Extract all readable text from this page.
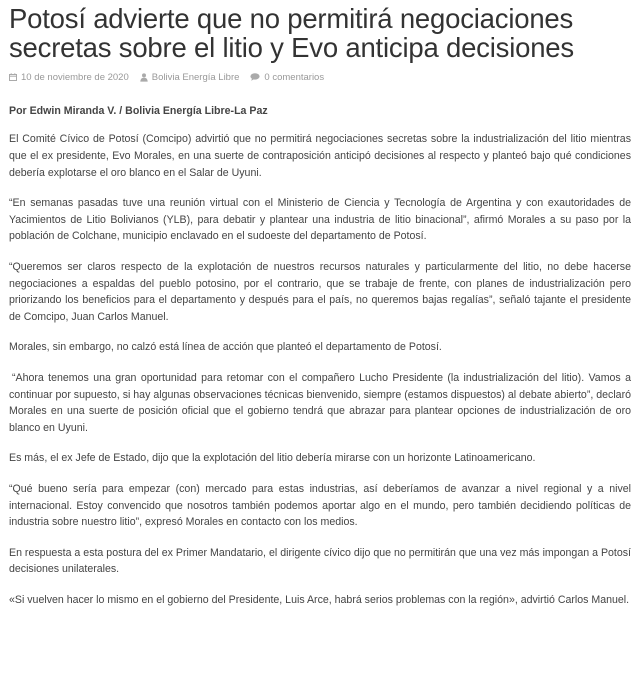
Potosí advierte que no permitirá negociaciones secretas sobre el litio y Evo anticipa decisiones
10 de noviembre de 2020 Bolivia Energía Libre	0 comentarios
Por Edwin Miranda V. / Bolivia Energía Libre-La Paz

El Comité Cívico de Potosí (Comcipo) advirtió que no permitirá negociaciones secretas sobre la industrialización del litio mientras que el ex presidente, Evo Morales, en una suerte de contraposición anticipó decisiones al respecto y planteó bajo qué condiciones debería explotarse el oro blanco en el Salar de Uyuni.

“En semanas pasadas tuve una reunión virtual con el Ministerio de Ciencia y Tecnología de Argentina y con exautoridades de Yacimientos de Litio Bolivianos (YLB), para debatir y plantear una industria de litio binacional”, afirmó Morales a su paso por la población de Colchane, municipio enclavado en el sudoeste del departamento de Potosí.

“Queremos ser claros respecto de la explotación de nuestros recursos naturales y particularmente del litio, no debe hacerse negociaciones a espaldas del pueblo potosino, por el contrario, que se trabaje de frente, con planes de industrialización pero priorizando los beneficios para el departamento y después para el país, no queremos bajas regalías”, señaló tajante el presidente de Comcipo, Juan Carlos Manuel.

Morales, sin embargo, no calzó está línea de acción que planteó el departamento de Potosí.

“Ahora tenemos una gran oportunidad para retomar con el compañero Lucho Presidente (la industrialización del litio). Vamos a continuar por supuesto, si hay algunas observaciones técnicas bienvenido, siempre (estamos dispuestos) al debate abierto”, declaró Morales en una suerte de posición oficial que el gobierno tendrá que abrazar para plantear opciones de industrialización de oro blanco en Uyuni.

Es más, el ex Jefe de Estado, dijo que la explotación del litio debería mirarse con un horizonte Latinoamericano.

“Qué bueno sería para empezar (con) mercado para estas industrias, así deberíamos de avanzar a nivel regional y a nivel internacional. Estoy convencido que nosotros también podemos aportar algo en el mundo, pero también decidiendo políticas de industria sobre nuestro litio”, expresó Morales en contacto con los medios.

En respuesta a esta postura del ex Primer Mandatario, el dirigente cívico dijo que no permitirán que una vez más impongan a Potosí decisiones unilaterales.

«Si vuelven hacer lo mismo en el gobierno del Presidente, Luis Arce, habrá serios problemas con la región», advirtió Carlos Manuel.
